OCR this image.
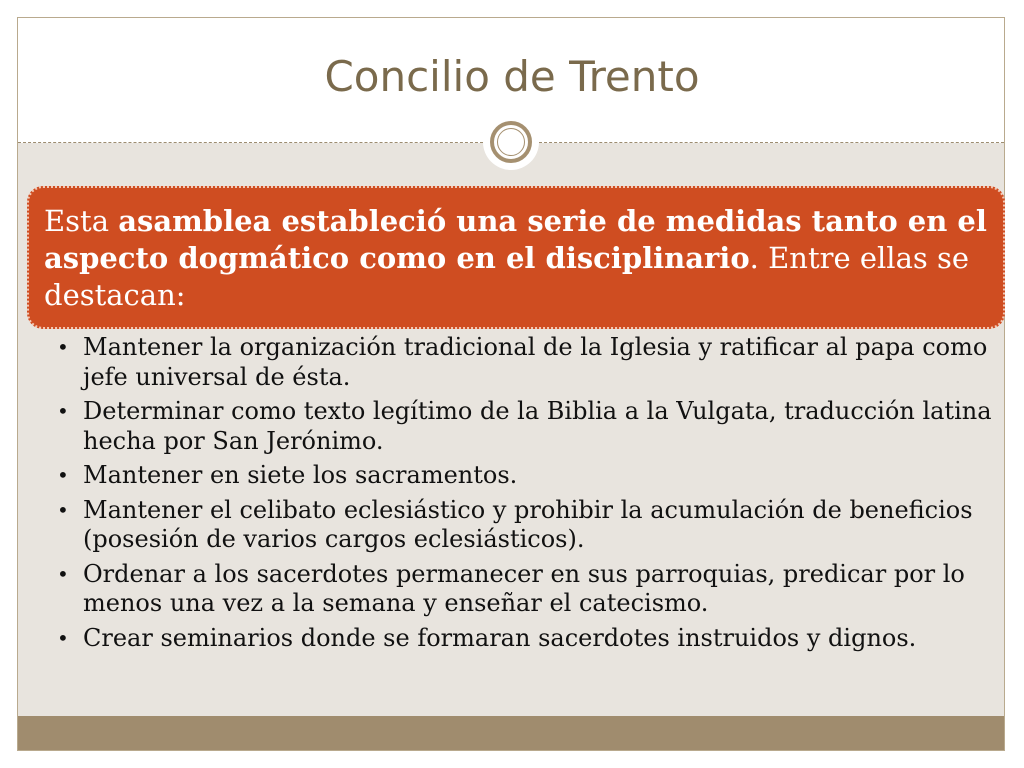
Concilio de Trento

Esta asamblea estableció una serie de medidas tanto en el aspecto dogmático como en el disciplinario. Entre ellas se destacan:

• Mantener la organización tradicional de la Iglesia y ratificar al papa como jefe universal de ésta.
• Determinar como texto legítimo de la Biblia a la Vulgata, traducción latina hecha por San Jerónimo.
• Mantener en siete los sacramentos.
• Mantener el celibato eclesiástico y prohibir la acumulación de beneficios (posesión de varios cargos eclesiásticos).
• Ordenar a los sacerdotes permanecer en sus parroquias, predicar por lo menos una vez a la semana y enseñar el catecismo.
• Crear seminarios donde se formaran sacerdotes instruidos y dignos.
